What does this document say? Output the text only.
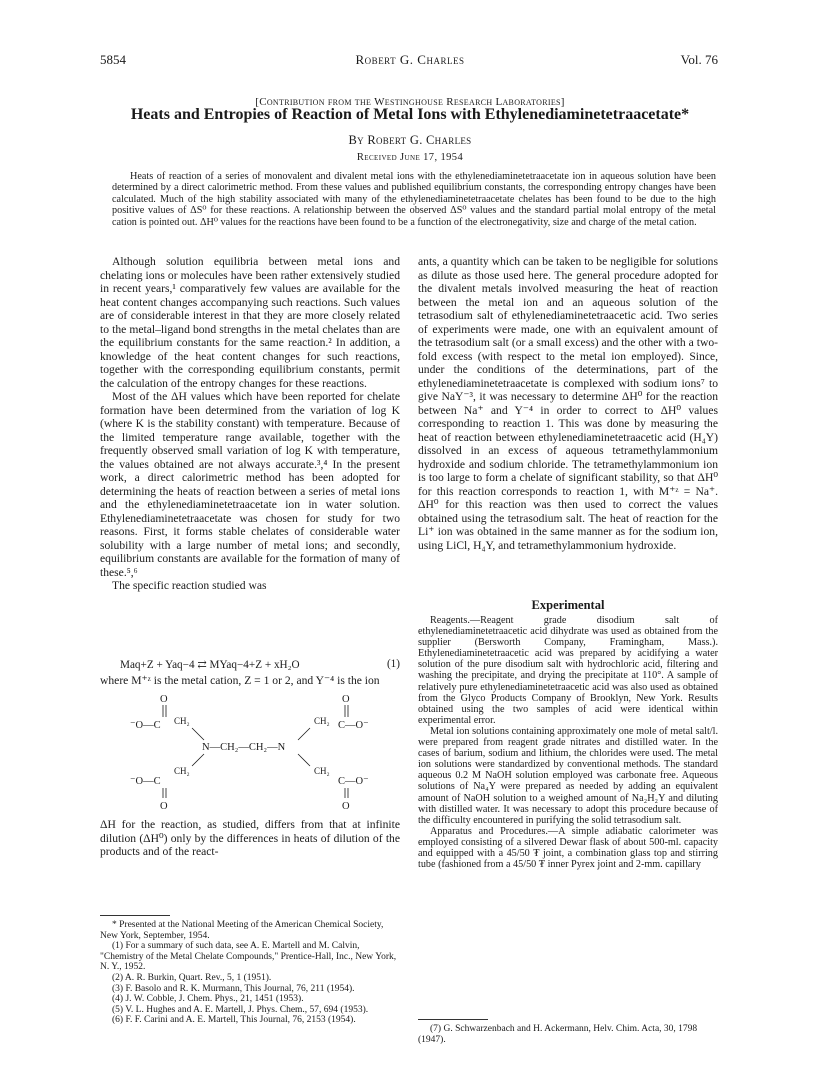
5854	Robert G. Charles	Vol. 76
[Contribution from the Westinghouse Research Laboratories]
Heats and Entropies of Reaction of Metal Ions with Ethylenediaminetetraacetate*
By Robert G. Charles
Received June 17, 1954

Heats of reaction of a series of monovalent and divalent metal ions with the ethylenediaminetetraacetate ion in aqueous solution have been determined by a direct calorimetric method. From these values and published equilibrium constants, the corresponding entropy changes have been calculated. Much of the high stability associated with many of the ethylenediaminetetraacetate chelates has been found to be due to the high positive values of ΔS⁰ for these reactions. A relationship between the observed ΔS⁰ values and the standard partial molal entropy of the metal cation is pointed out. ΔH⁰ values for the reactions have been found to be a function of the electronegativity, size and charge of the metal cation.

Although solution equilibria between metal ions and chelating ions or molecules have been rather extensively studied in recent years,¹ comparatively few values are available for the heat content changes accompanying such reactions. Such values are of considerable interest in that they are more closely related to the metal–ligand bond strengths in the metal chelates than are the equilibrium constants for the same reaction.² In addition, a knowledge of the heat content changes for such reactions, together with the corresponding equilibrium constants, permit the calculation of the entropy changes for these reactions.

Most of the ΔH values which have been reported for chelate formation have been determined from the variation of log K (where K is the stability constant) with temperature. Because of the limited temperature range available, together with the frequently observed small variation of log K with temperature, the values obtained are not always accurate.³,⁴ In the present work, a direct calorimetric method has been adopted for determining the heats of reaction between a series of metal ions and the ethylenediaminetetraacetate ion in water solution. Ethylenediaminetetraacetate was chosen for study for two reasons. First, it forms stable chelates of considerable water solubility with a large number of metal ions; and secondly, equilibrium constants are available for the formation of many of these.⁵,⁶

The specific reaction studied was

Maq+Z + Yaq−4 ⇄ MYaq−4+Z + xH₂O	(1)

where M⁺ᶻ is the metal cation, Z = 1 or 2, and Y⁻⁴ is the ion

O	O
⁻O—C CH₂	CH₂ C—O⁻
N—CH₂—CH₂—N
CH₂	CH₂
⁻O—C	C—O⁻
O	O

ΔH for the reaction, as studied, differs from that at infinite dilution (ΔH⁰) only by the differences in heats of dilution of the products and of the react-

* Presented at the National Meeting of the American Chemical Society, New York, September, 1954.

(1) For a summary of such data, see A. E. Martell and M. Calvin, "Chemistry of the Metal Chelate Compounds," Prentice-Hall, Inc., New York, N. Y., 1952.

(2) A. R. Burkin, Quart. Rev., 5, 1 (1951).

(3) F. Basolo and R. K. Murmann, This Journal, 76, 211 (1954).

(4) J. W. Cobble, J. Chem. Phys., 21, 1451 (1953).

(5) V. L. Hughes and A. E. Martell, J. Phys. Chem., 57, 694 (1953).

(6) F. F. Carini and A. E. Martell, This Journal, 76, 2153 (1954).

ants, a quantity which can be taken to be negligible for solutions as dilute as those used here. The general procedure adopted for the divalent metals involved measuring the heat of reaction between the metal ion and an aqueous solution of the tetrasodium salt of ethylenediaminetetraacetic acid. Two series of experiments were made, one with an equivalent amount of the tetrasodium salt (or a small excess) and the other with a two-fold excess (with respect to the metal ion employed). Since, under the conditions of the determinations, part of the ethylenediaminetetraacetate is complexed with sodium ions⁷ to give NaY⁻³, it was necessary to determine ΔH⁰ for the reaction between Na⁺ and Y⁻⁴ in order to correct to ΔH⁰ values corresponding to reaction 1. This was done by measuring the heat of reaction between ethylenediaminetetraacetic acid (H₄Y) dissolved in an excess of aqueous tetramethylammonium hydroxide and sodium chloride. The tetramethylammonium ion is too large to form a chelate of significant stability, so that ΔH⁰ for this reaction corresponds to reaction 1, with M⁺ᶻ = Na⁺. ΔH⁰ for this reaction was then used to correct the values obtained using the tetrasodium salt. The heat of reaction for the Li⁺ ion was obtained in the same manner as for the sodium ion, using LiCl, H₄Y, and tetramethylammonium hydroxide.

Experimental

Reagents.—Reagent grade disodium salt of ethylenediaminetetraacetic acid dihydrate was used as obtained from the supplier (Bersworth Company, Framingham, Mass.). Ethylenediaminetetraacetic acid was prepared by acidifying a water solution of the pure disodium salt with hydrochloric acid, filtering and washing the precipitate, and drying the precipitate at 110°. A sample of relatively pure ethylenediaminetetraacetic acid was also used as obtained from the Glyco Products Company of Brooklyn, New York. Results obtained using the two samples of acid were identical within experimental error.

Metal ion solutions containing approximately one mole of metal salt/l. were prepared from reagent grade nitrates and distilled water. In the cases of barium, sodium and lithium, the chlorides were used. The metal ion solutions were standardized by conventional methods. The standard aqueous 0.2 M NaOH solution employed was carbonate free. Aqueous solutions of Na₄Y were prepared as needed by adding an equivalent amount of NaOH solution to a weighed amount of Na₂H₂Y and diluting with distilled water. It was necessary to adopt this procedure because of the difficulty encountered in purifying the solid tetrasodium salt.

Apparatus and Procedures.—A simple adiabatic calorimeter was employed consisting of a silvered Dewar flask of about 500-ml. capacity and equipped with a 45/50 ₮ joint, a combination glass top and stirring tube (fashioned from a 45/50 ₮ inner Pyrex joint and 2-mm. capillary

(7) G. Schwarzenbach and H. Ackermann, Helv. Chim. Acta, 30, 1798 (1947).
